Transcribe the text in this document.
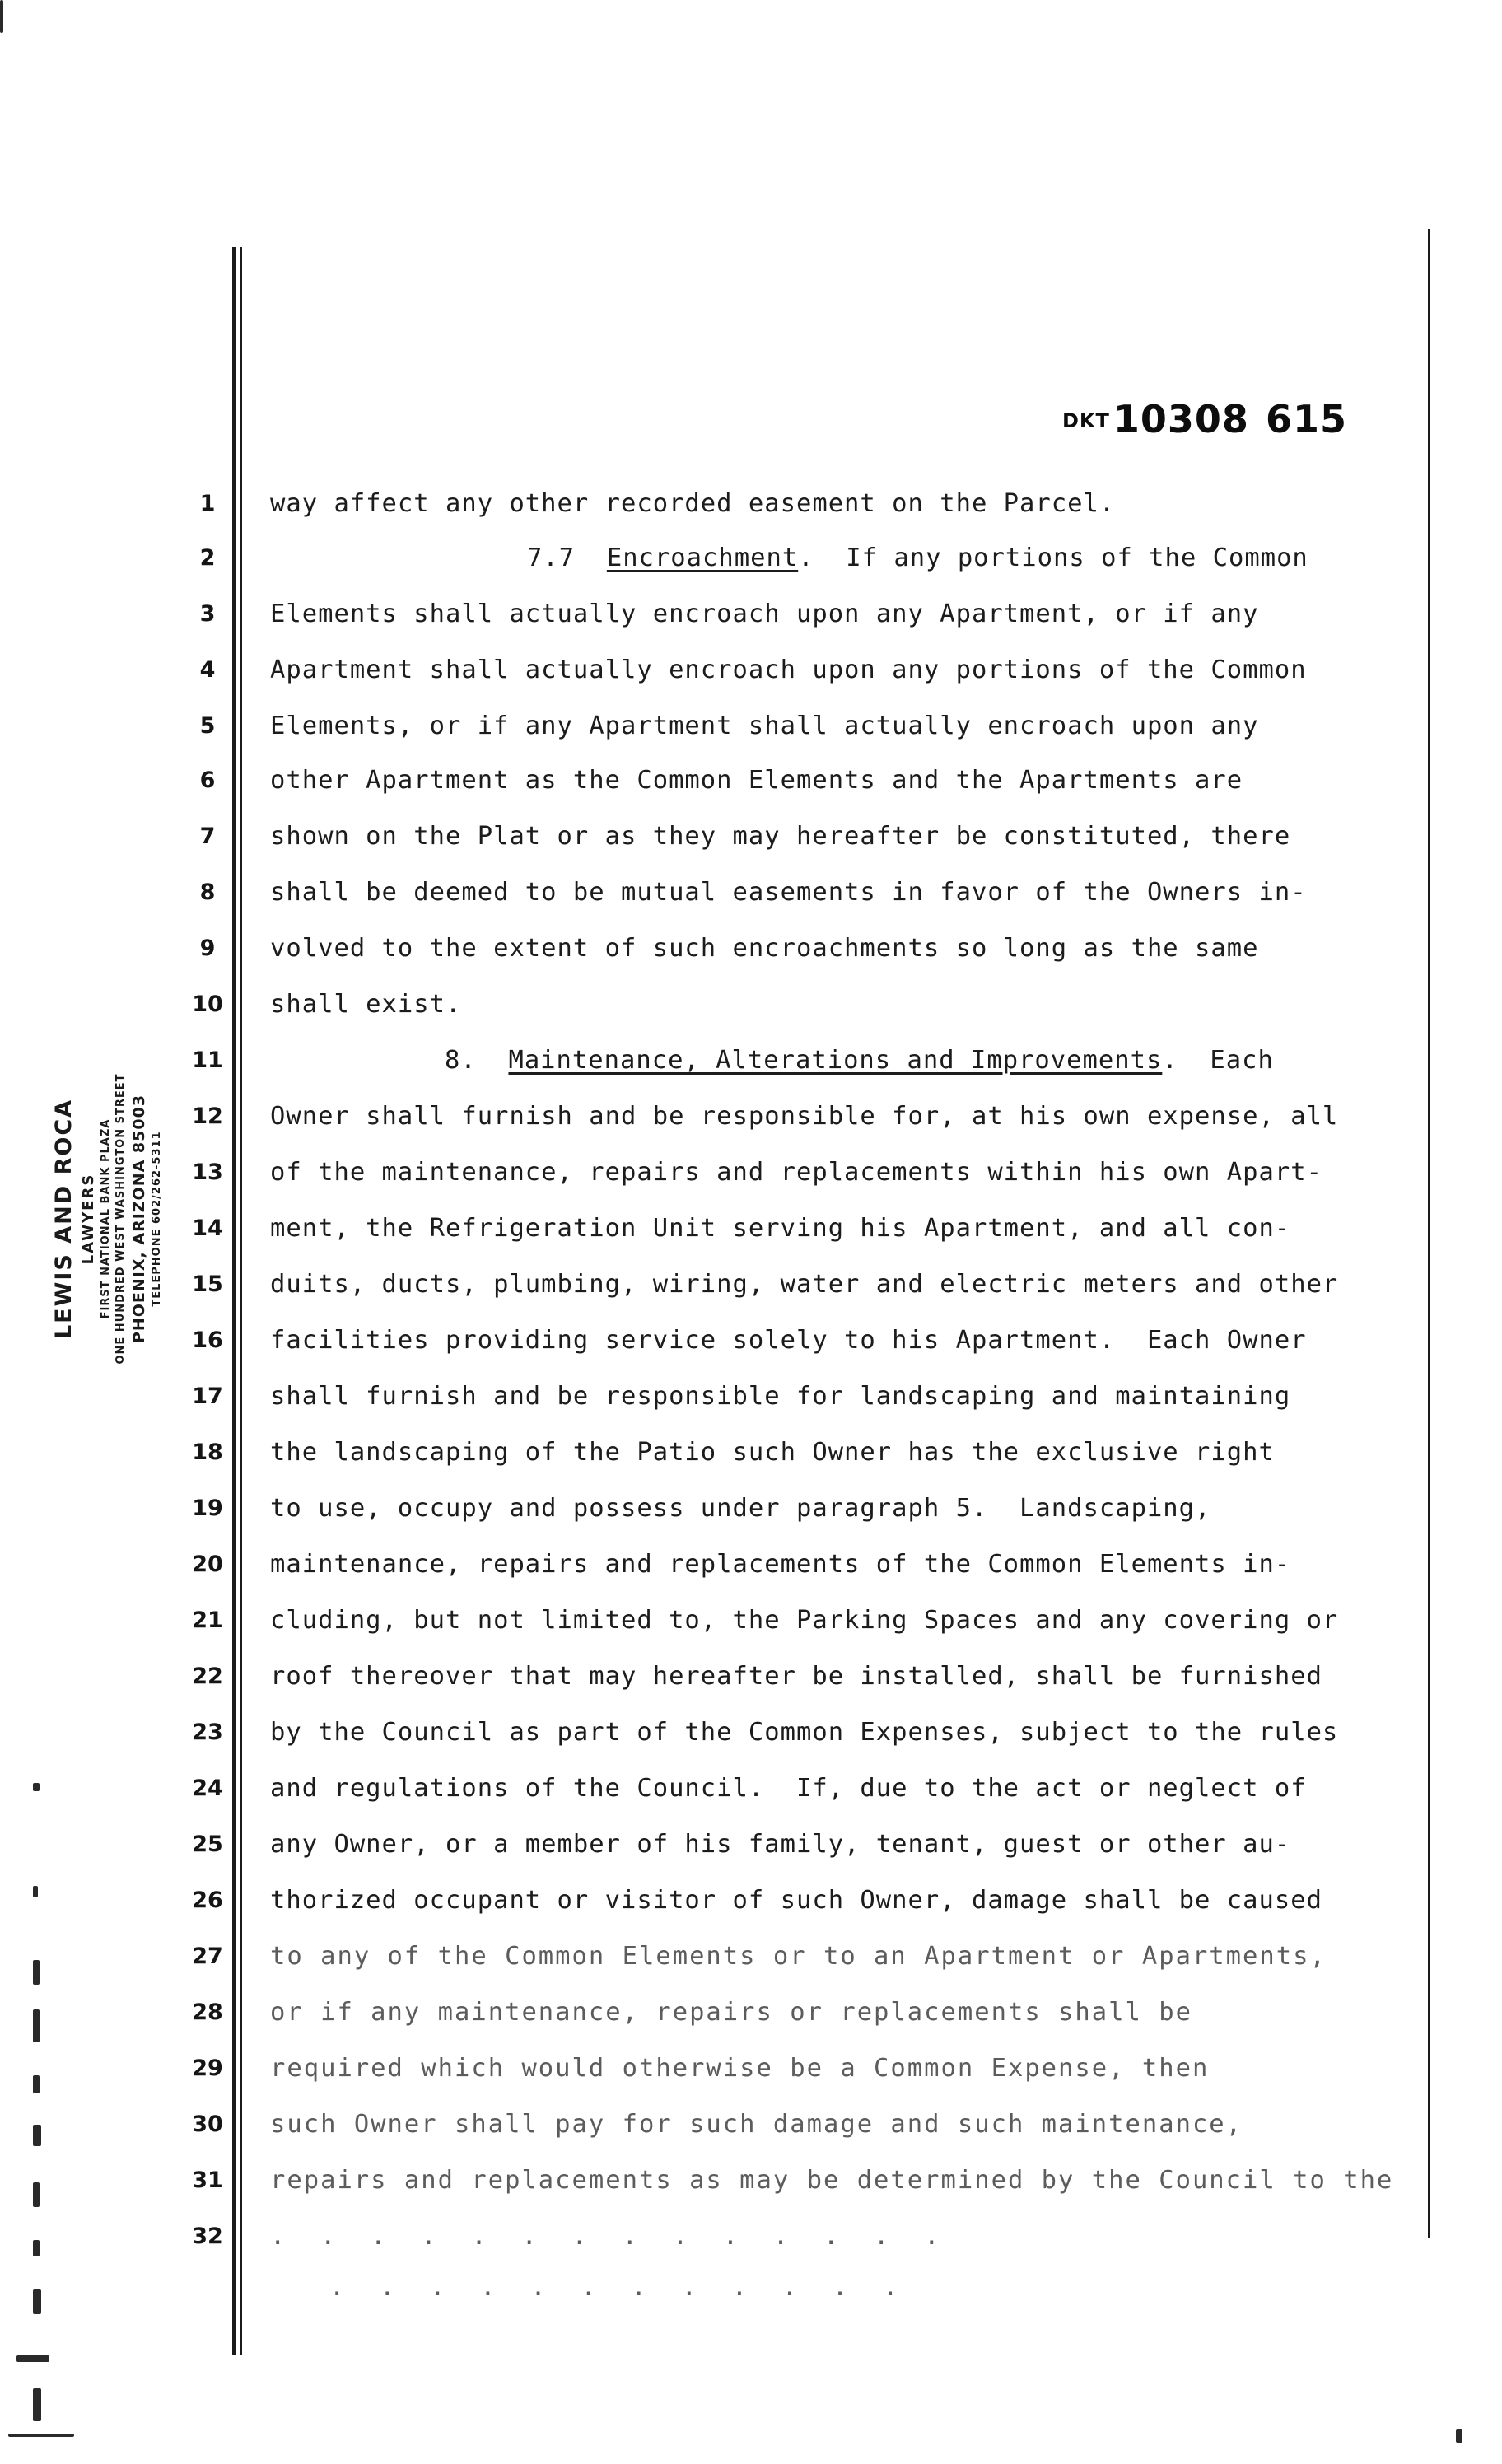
LEWIS AND ROCA LAWYERS FIRST NATIONAL BANK PLAZA ONE HUNDRED WEST WASHINGTON STREET PHOENIX, ARIZONA 85003 TELEPHONE 602/262-5311
DKT10308 615
1
2
3
4
5
6
7
8
9
10
11
12
13
14
15
16
17
18
19
20
21
22
23
24
25
26
27
28
29
30
31
32
way affect any other recorded easement on the Parcel.
7.7  Encroachment.  If any portions of the Common
Elements shall actually encroach upon any Apartment, or if any
Apartment shall actually encroach upon any portions of the Common
Elements, or if any Apartment shall actually encroach upon any
other Apartment as the Common Elements and the Apartments are
shown on the Plat or as they may hereafter be constituted, there
shall be deemed to be mutual easements in favor of the Owners in-
volved to the extent of such encroachments so long as the same
shall exist.
8.  Maintenance, Alterations and Improvements.  Each
Owner shall furnish and be responsible for, at his own expense, all
of the maintenance, repairs and replacements within his own Apart-
ment, the Refrigeration Unit serving his Apartment, and all con-
duits, ducts, plumbing, wiring, water and electric meters and other
facilities providing service solely to his Apartment.  Each Owner
shall furnish and be responsible for landscaping and maintaining
the landscaping of the Patio such Owner has the exclusive right
to use, occupy and possess under paragraph 5.  Landscaping,
maintenance, repairs and replacements of the Common Elements in-
cluding, but not limited to, the Parking Spaces and any covering or
roof thereover that may hereafter be installed, shall be furnished
by the Council as part of the Common Expenses, subject to the rules
and regulations of the Council.  If, due to the act or neglect of
any Owner, or a member of his family, tenant, guest or other au-
thorized occupant or visitor of such Owner, damage shall be caused
to any of the Common Elements or to an Apartment or Apartments,
or if any maintenance, repairs or replacements shall be
required which would otherwise be a Common Expense, then
such Owner shall pay for such damage and such maintenance,
repairs and replacements as may be determined by the Council to the
.  .  .  .  .  .  .  .  .  .  .  .  .  .
.  .  .  .  .  .  .  .  .  .  .  .
